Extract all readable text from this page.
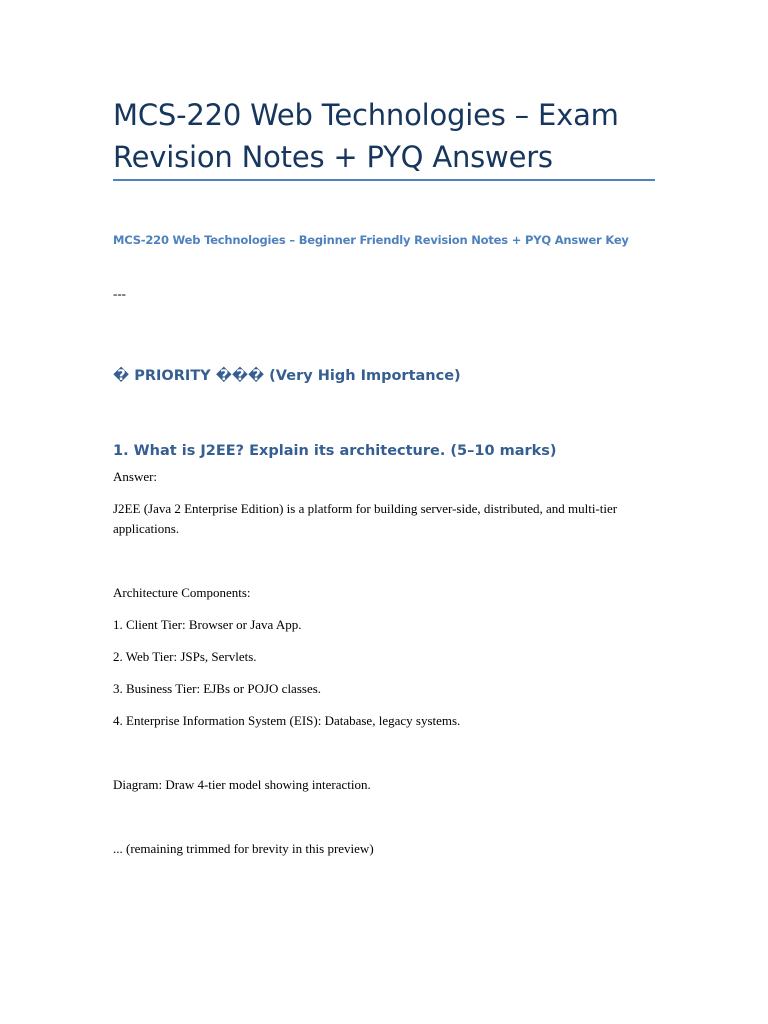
MCS-220 Web Technologies – Exam Revision Notes + PYQ Answers
MCS-220 Web Technologies – Beginner Friendly Revision Notes + PYQ Answer Key
---
� PRIORITY ��� (Very High Importance)
1. What is J2EE? Explain its architecture. (5–10 marks)
Answer:
J2EE (Java 2 Enterprise Edition) is a platform for building server-side, distributed, and multi-tier applications.
Architecture Components:
1. Client Tier: Browser or Java App.
2. Web Tier: JSPs, Servlets.
3. Business Tier: EJBs or POJO classes.
4. Enterprise Information System (EIS): Database, legacy systems.
Diagram: Draw 4-tier model showing interaction.
... (remaining trimmed for brevity in this preview)
